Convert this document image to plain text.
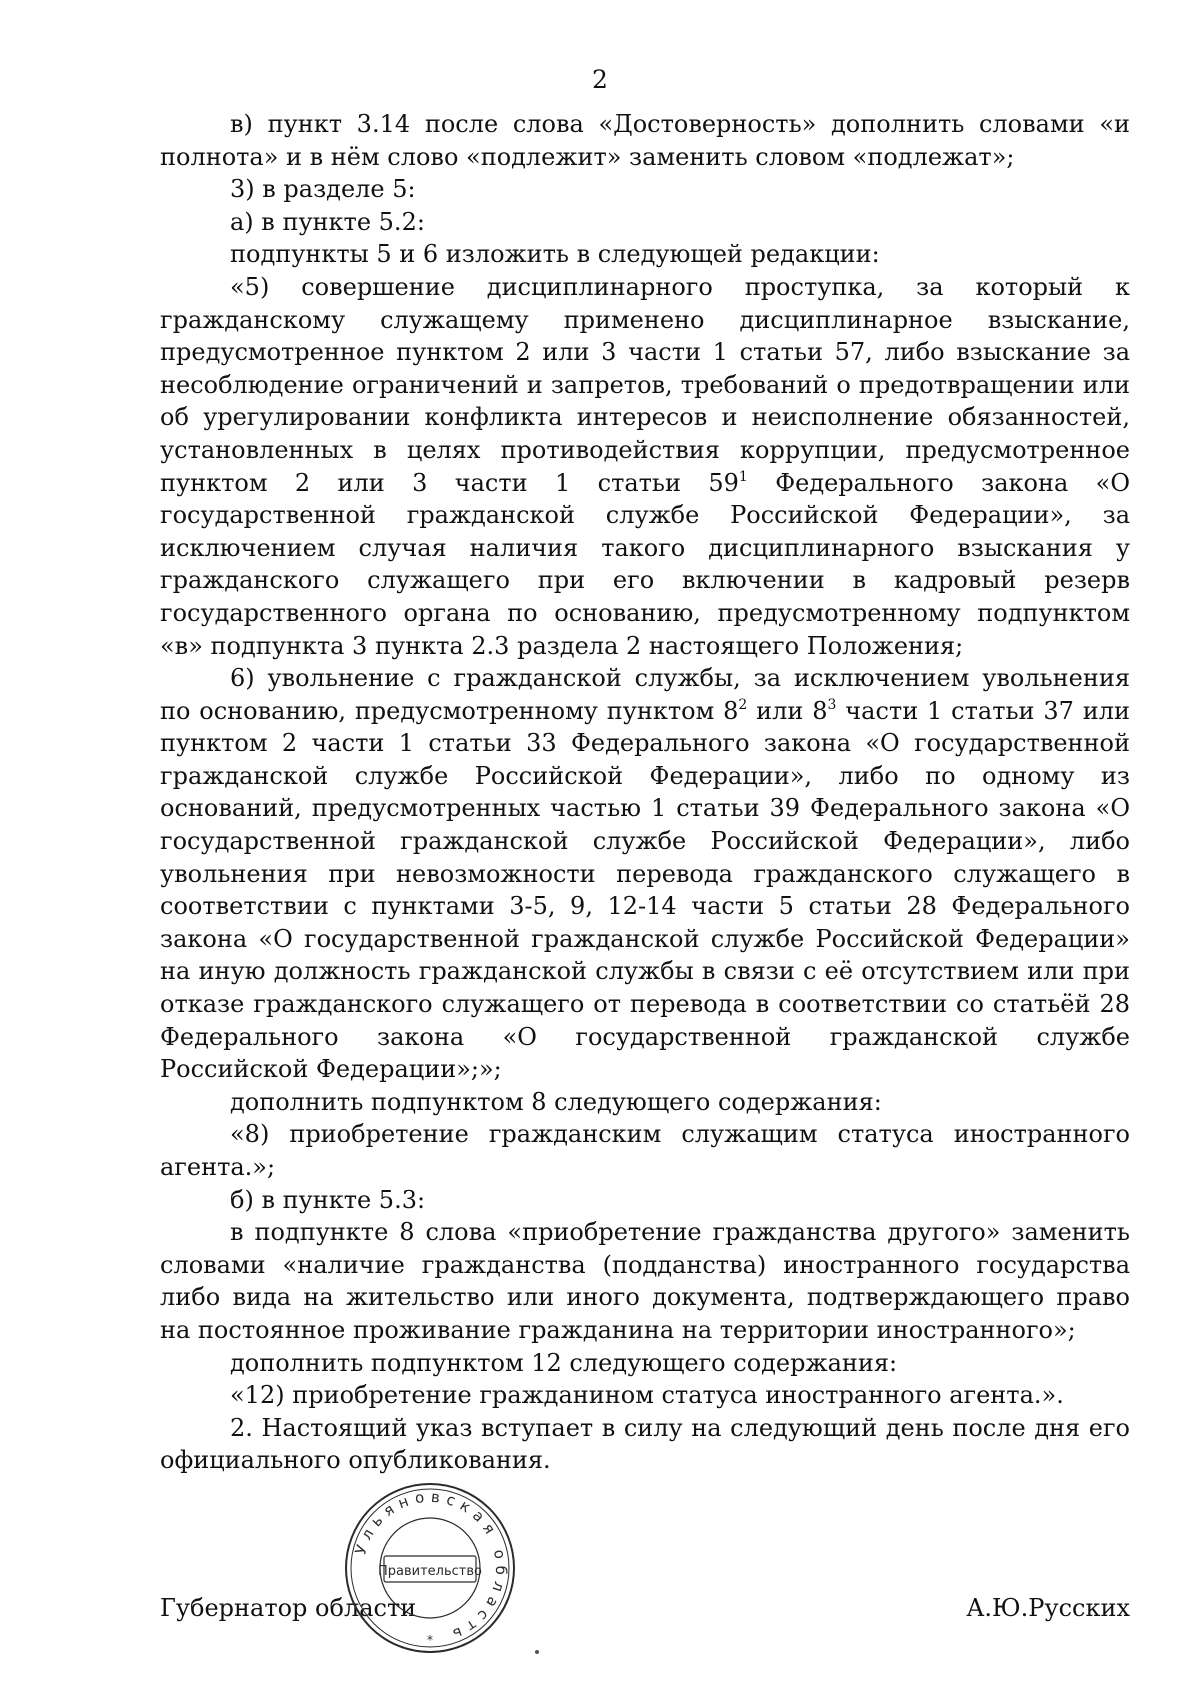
2

в) пункт 3.14 после слова «Достоверность» дополнить словами «и полнота» и в нём слово «подлежит» заменить словом «подлежат»;

3) в разделе 5:

а) в пункте 5.2:

подпункты 5 и 6 изложить в следующей редакции:

«5) совершение дисциплинарного проступка, за который к гражданскому служащему применено дисциплинарное взыскание, предусмотренное пунктом 2 или 3 части 1 статьи 57, либо взыскание за несоблюдение ограничений и запретов, требований о предотвращении или об урегулировании конфликта интересов и неисполнение обязанностей, установленных в целях противодействия коррупции, предусмотренное пунктом 2 или 3 части 1 статьи $59^1$ Федерального закона «О государственной гражданской службе Российской Федерации», за исключением случая наличия такого дисциплинарного взыскания у гражданского служащего при его включении в кадровый резерв государственного органа по основанию, предусмотренному подпунктом «в» подпункта 3 пункта 2.3 раздела 2 настоящего Положения;

6) увольнение с гражданской службы, за исключением увольнения по основанию, предусмотренному пунктом $8^2$ или $8^3$ части 1 статьи 37 или пунктом 2 части 1 статьи 33 Федерального закона «О государственной гражданской службе Российской Федерации», либо по одному из оснований, предусмотренных частью 1 статьи 39 Федерального закона «О государственной гражданской службе Российской Федерации», либо увольнения при невозможности перевода гражданского служащего в соответствии с пунктами 3-5, 9, 12-14 части 5 статьи 28 Федерального закона «О государственной гражданской службе Российской Федерации» на иную должность гражданской службы в связи с её отсутствием или при отказе гражданского служащего от перевода в соответствии со статьёй 28 Федерального закона «О государственной гражданской службе Российской Федерации»;»;

дополнить подпунктом 8 следующего содержания:

«8) приобретение гражданским служащим статуса иностранного агента.»;

б) в пункте 5.3:

в подпункте 8 слова «приобретение гражданства другого» заменить словами «наличие гражданства (подданства) иностранного государства либо вида на жительство или иного документа, подтверждающего право на постоянное проживание гражданина на территории иностранного»;

дополнить подпунктом 12 следующего содержания:

«12) приобретение гражданином статуса иностранного агента.».

2. Настоящий указ вступает в силу на следующий день после дня его официального опубликования.

Губернатор области	А.Ю.Русских
Ульяновская область
Правительство
*
